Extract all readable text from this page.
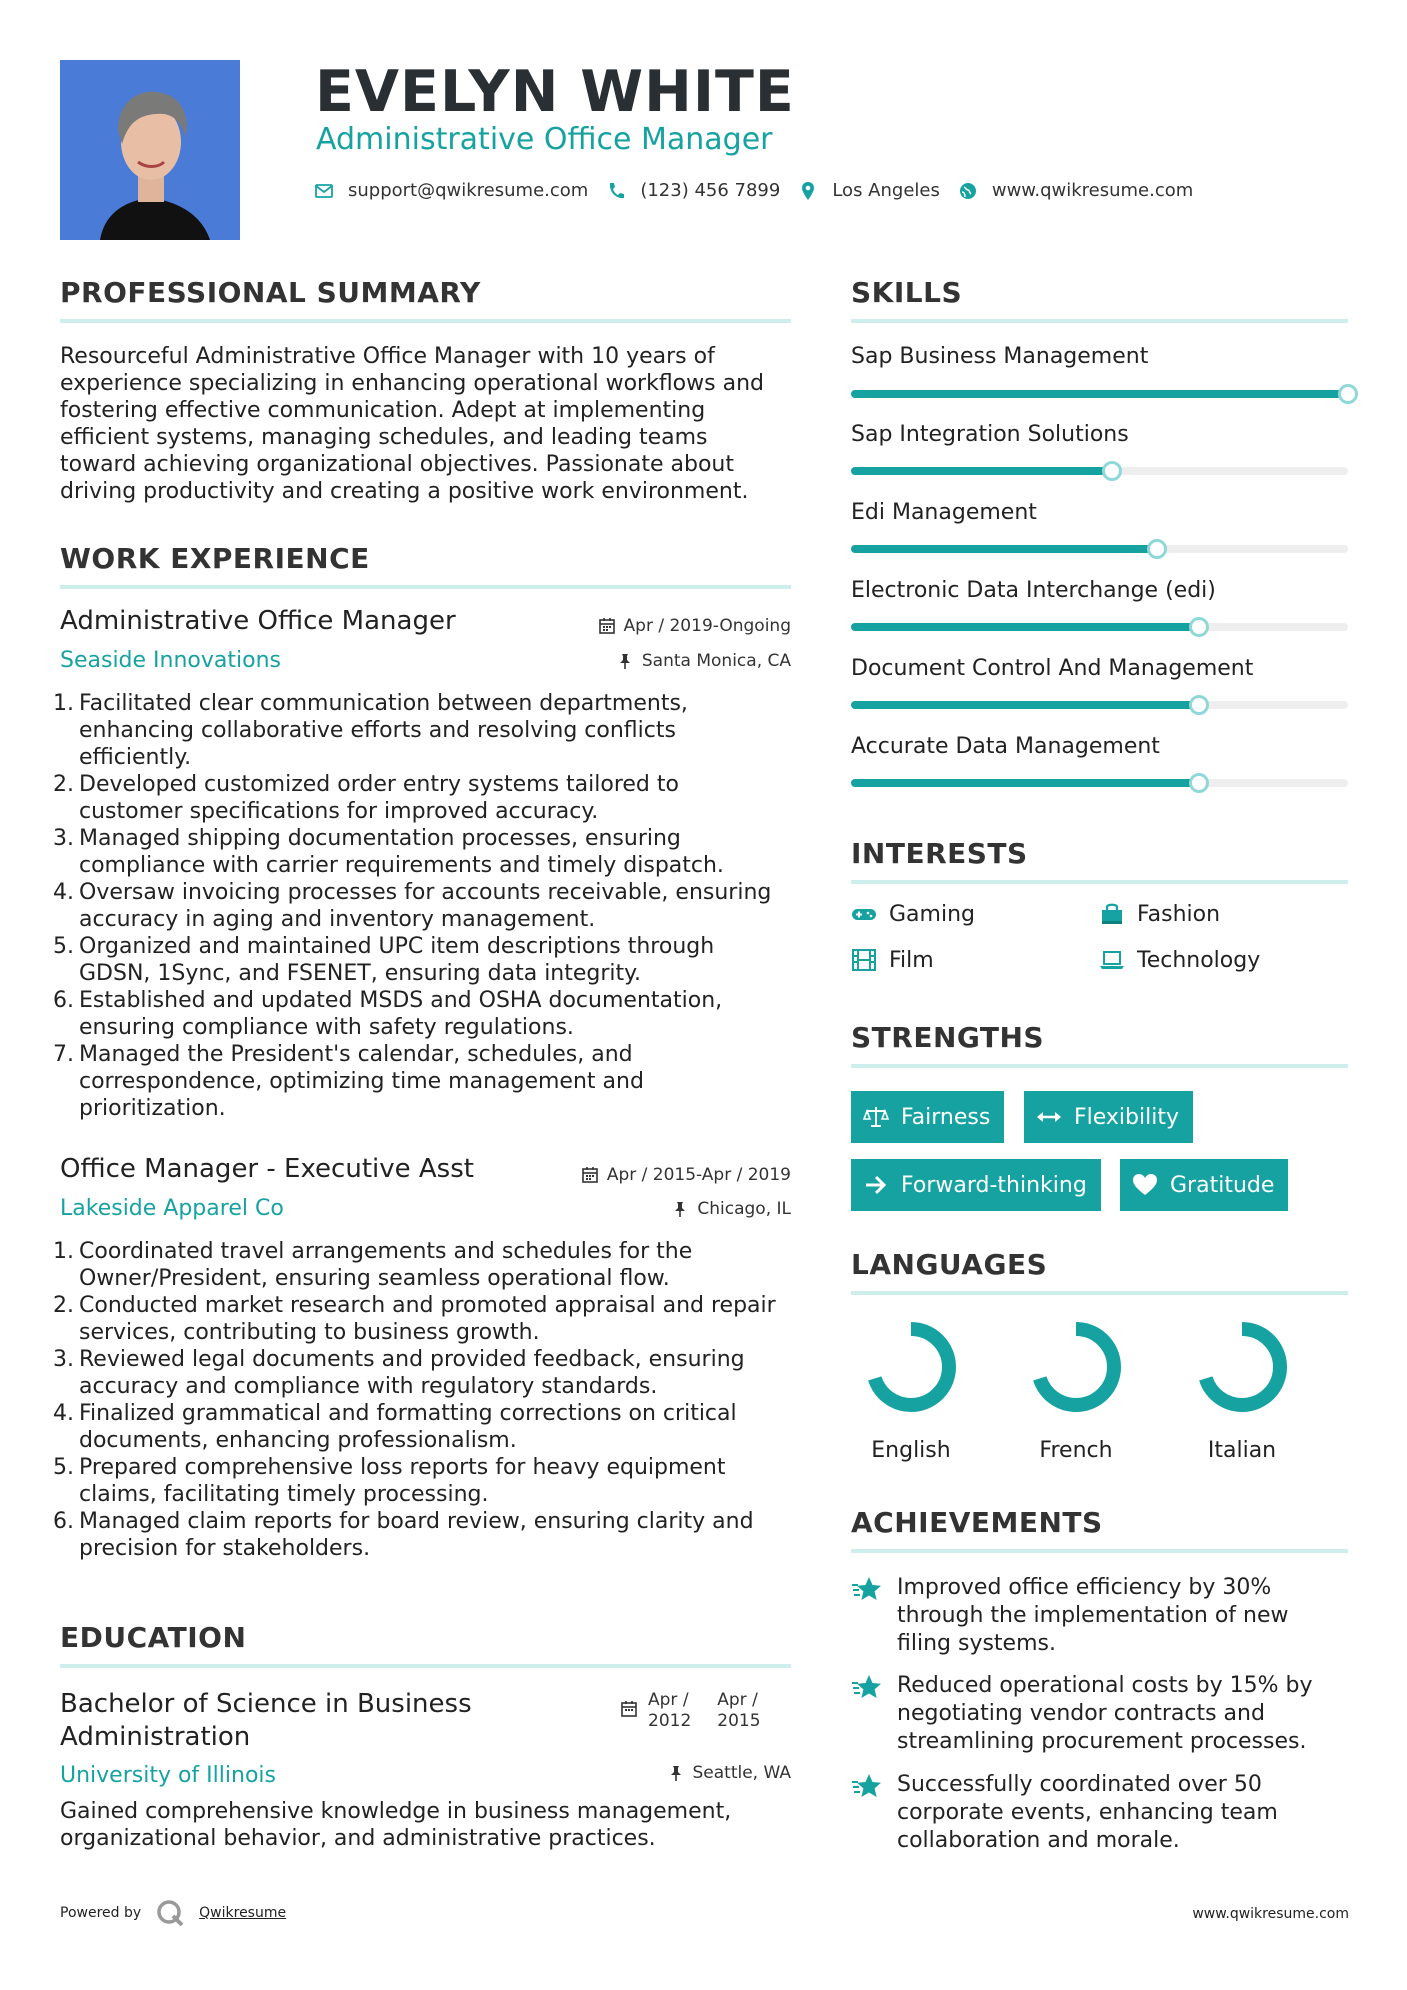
EVELYN WHITE
Administrative Office Manager
support@qwikresume.com	(123) 456 7899	Los Angeles	www.qwikresume.com
PROFESSIONAL SUMMARY
Resourceful Administrative Office Manager with 10 years of
experience specializing in enhancing operational workflows and
fostering effective communication. Adept at implementing
efficient systems, managing schedules, and leading teams
toward achieving organizational objectives. Passionate about
driving productivity and creating a positive work environment.
WORK EXPERIENCE
Administrative Office Manager	Apr / 2019-Ongoing
Seaside Innovations	Santa Monica, CA
1. Facilitated clear communication between departments,
enhancing collaborative efforts and resolving conflicts
efficiently.
2. Developed customized order entry systems tailored to
customer specifications for improved accuracy.
3. Managed shipping documentation processes, ensuring
compliance with carrier requirements and timely dispatch.
4. Oversaw invoicing processes for accounts receivable, ensuring
accuracy in aging and inventory management.
5. Organized and maintained UPC item descriptions through
GDSN, 1Sync, and FSENET, ensuring data integrity.
6. Established and updated MSDS and OSHA documentation,
ensuring compliance with safety regulations.
7. Managed the President's calendar, schedules, and
correspondence, optimizing time management and
prioritization.
Office Manager - Executive Asst	Apr / 2015-Apr / 2019
Lakeside Apparel Co	Chicago, IL
1. Coordinated travel arrangements and schedules for the
Owner/President, ensuring seamless operational flow.
2. Conducted market research and promoted appraisal and repair
services, contributing to business growth.
3. Reviewed legal documents and provided feedback, ensuring
accuracy and compliance with regulatory standards.
4. Finalized grammatical and formatting corrections on critical
documents, enhancing professionalism.
5. Prepared comprehensive loss reports for heavy equipment
claims, facilitating timely processing.
6. Managed claim reports for board review, ensuring clarity and
precision for stakeholders.
EDUCATION
Bachelor of Science in Business
Administration
Apr /
2012
Apr /
2015
University of Illinois	Seattle, WA
Gained comprehensive knowledge in business management,
organizational behavior, and administrative practices.
SKILLS
Sap Business Management
Sap Integration Solutions
Edi Management
Electronic Data Interchange (edi)
Document Control And Management
Accurate Data Management
INTERESTS
Gaming	Fashion
Film	Technology
STRENGTHS
Fairness	Flexibility
Forward-thinking	Gratitude
LANGUAGES
English	French	Italian
ACHIEVEMENTS
Improved office efficiency by 30%
through the implementation of new
filing systems.
Reduced operational costs by 15% by
negotiating vendor contracts and
streamlining procurement processes.
Successfully coordinated over 50
corporate events, enhancing team
collaboration and morale.
Powered by	Qwikresume	www.qwikresume.com
